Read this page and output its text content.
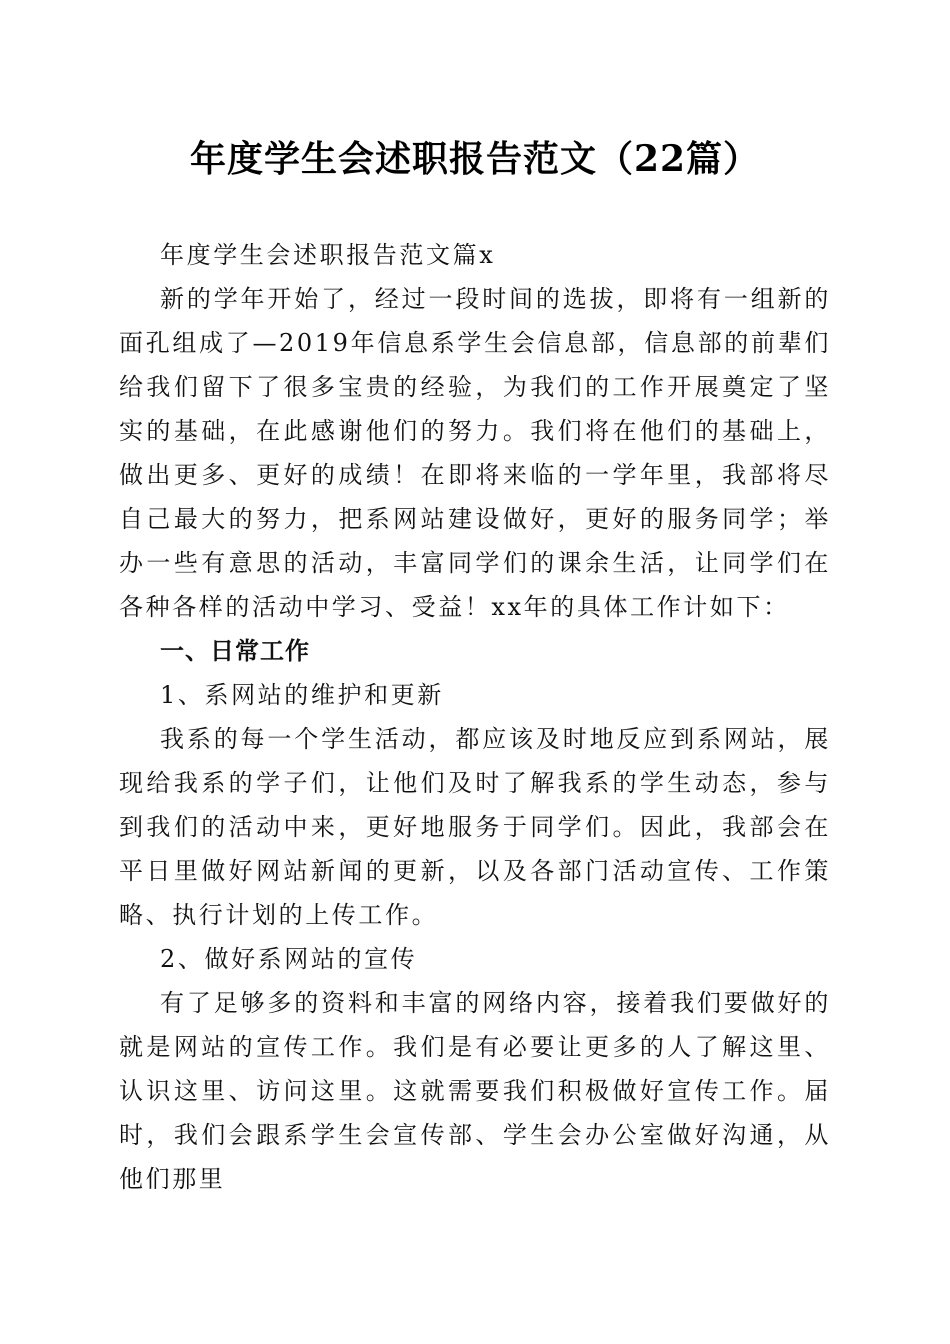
年度学生会述职报告范文（22篇）

年度学生会述职报告范文篇x

新的学年开始了，经过一段时间的选拔，即将有一组新的面孔组成了—2019年信息系学生会信息部，信息部的前辈们给我们留下了很多宝贵的经验，为我们的工作开展奠定了坚实的基础，在此感谢他们的努力。我们将在他们的基础上，做出更多、更好的成绩！在即将来临的一学年里，我部将尽自己最大的努力，把系网站建设做好，更好的服务同学；举办一些有意思的活动，丰富同学们的课余生活，让同学们在各种各样的活动中学习、受益！xx年的具体工作计如下：

一、日常工作

1、系网站的维护和更新

我系的每一个学生活动，都应该及时地反应到系网站，展现给我系的学子们，让他们及时了解我系的学生动态，参与到我们的活动中来，更好地服务于同学们。因此，我部会在平日里做好网站新闻的更新，以及各部门活动宣传、工作策略、执行计划的上传工作。

2、做好系网站的宣传

有了足够多的资料和丰富的网络内容，接着我们要做好的就是网站的宣传工作。我们是有必要让更多的人了解这里、认识这里、访问这里。这就需要我们积极做好宣传工作。届时，我们会跟系学生会宣传部、学生会办公室做好沟通，从他们那里
